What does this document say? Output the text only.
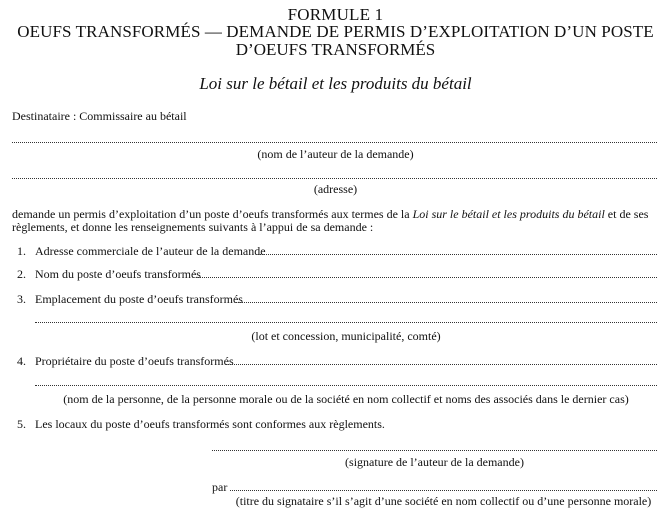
FORMULE 1
OEUFS TRANSFORMÉS — DEMANDE DE PERMIS D’EXPLOITATION D’UN POSTE
D’OEUFS TRANSFORMÉS
Loi sur le bétail et les produits du bétail
Destinataire : Commissaire au bétail
(nom de l’auteur de la demande)
(adresse)
demande un permis d’exploitation d’un poste d’oeufs transformés aux termes de la Loi sur le bétail et les produits du bétail et de ses
règlements, et donne les renseignements suivants à l’appui de sa demande :
1. Adresse commerciale de l’auteur de la demande
2. Nom du poste d’oeufs transformés
3. Emplacement du poste d’oeufs transformés
(lot et concession, municipalité, comté)
4. Propriétaire du poste d’oeufs transformés
(nom de la personne, de la personne morale ou de la société en nom collectif et noms des associés dans le dernier cas)
5. Les locaux du poste d’oeufs transformés sont conformes aux règlements.
(signature de l’auteur de la demande)
par
(titre du signataire s’il s’agit d’une société en nom collectif ou d’une personne morale)
